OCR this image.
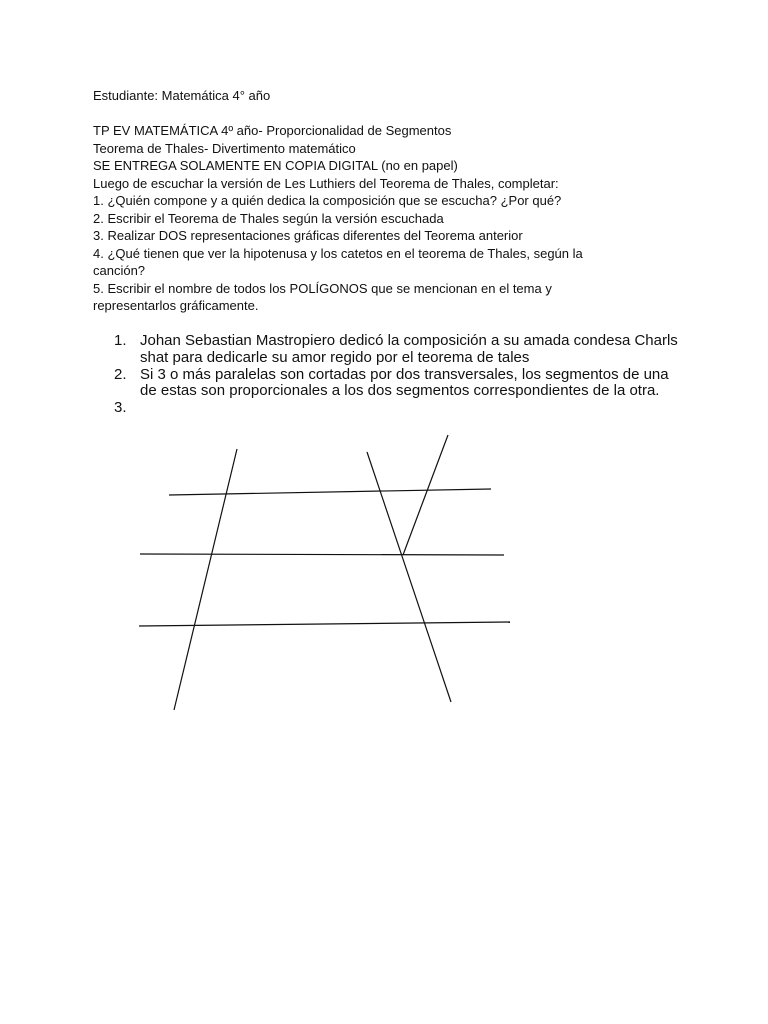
Estudiante: Matemática 4° año
TP EV MATEMÁTICA 4º año- Proporcionalidad de Segmentos
Teorema de Thales- Divertimento matemático
SE ENTREGA SOLAMENTE EN COPIA DIGITAL (no en papel)
Luego de escuchar la versión de Les Luthiers del Teorema de Thales, completar:
1. ¿Quién compone y a quién dedica la composición que se escucha? ¿Por qué?
2. Escribir el Teorema de Thales según la versión escuchada
3. Realizar DOS representaciones gráficas diferentes del Teorema anterior
4. ¿Qué tienen que ver la hipotenusa y los catetos en el teorema de Thales, según la
canción?
5. Escribir el nombre de todos los POLÍGONOS que se mencionan en el tema y
representarlos gráficamente.
1. Johan Sebastian Mastropiero dedicó la composición a su amada condesa Charls shat para dedicarle su amor regido por el teorema de tales
2. Si 3 o más paralelas son cortadas por dos transversales, los segmentos de una de estas son proporcionales a los dos segmentos correspondientes de la otra.
3.
